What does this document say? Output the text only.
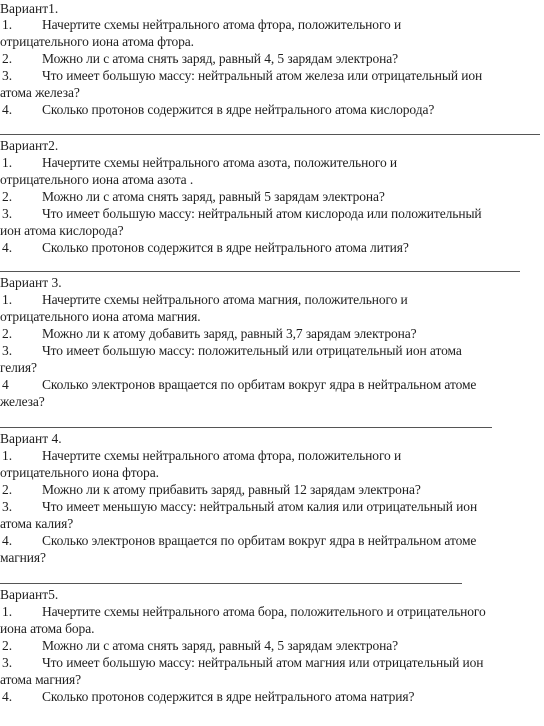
Вариант1.
1. Начертите схемы нейтрального атома фтора, положительного и
отрицательного иона атома фтора.
2. Можно ли с атома снять заряд, равный 4, 5 зарядам электрона?
3. Что имеет большую массу: нейтральный атом железа или отрицательный ион
атома железа?
4. Сколько протонов содержится в ядре нейтрального атома кислорода?
Вариант2.
1. Начертите схемы нейтрального атома азота, положительного и
отрицательного иона атома азота .
2. Можно ли с атома снять заряд, равный 5 зарядам электрона?
3. Что имеет большую массу: нейтральный атом кислорода или положительный
ион атома кислорода?
4. Сколько протонов содержится в ядре нейтрального атома лития?
Вариант 3.
1. Начертите схемы нейтрального атома магния, положительного и
отрицательного иона атома магния.
2. Можно ли к атому добавить заряд, равный 3,7 зарядам электрона?
3. Что имеет большую массу: положительный или отрицательный ион атома
гелия?
4 Сколько электронов вращается по орбитам вокруг ядра в нейтральном атоме
железа?
Вариант 4.
1. Начертите схемы нейтрального атома фтора, положительного и
отрицательного иона фтора.
2. Можно ли к атому прибавить заряд, равный 12 зарядам электрона?
3. Что имеет меньшую массу: нейтральный атом калия или отрицательный ион
атома калия?
4. Сколько электронов вращается по орбитам вокруг ядра в нейтральном атоме
магния?
Вариант5.
1. Начертите схемы нейтрального атома бора, положительного и отрицательного
иона атома бора.
2. Можно ли с атома снять заряд, равный 4, 5 зарядам электрона?
3. Что имеет большую массу: нейтральный атом магния или отрицательный ион
атома магния?
4. Сколько протонов содержится в ядре нейтрального атома натрия?
